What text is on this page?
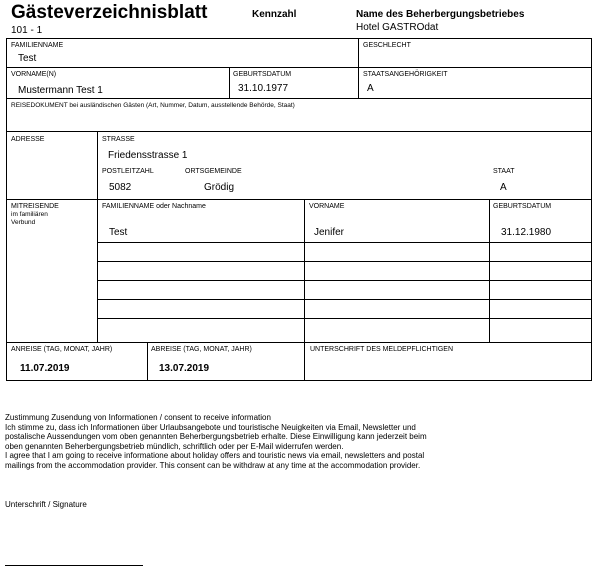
Gästeverzeichnisblatt
101 - 1
Kennzahl	Name des Beherbergungsbetriebes
Hotel GASTROdat
FAMILIENNAME
Test
GESCHLECHT
VORNAME(N)
Mustermann Test 1
GEBURTSDATUM
31.10.1977
STAATSANGEHÖRIGKEIT
A
REISEDOKUMENT bei ausländischen Gästen (Art, Nummer, Datum, ausstellende Behörde, Staat)
ADRESSE	STRASSE
Friedensstrasse 1
POSTLEITZAHL
5082
ORTSGEMEINDE
Grödig
STAAT
A
MITREISENDE
im familiären
Verbund
FAMILIENNAME oder Nachname	VORNAME	GEBURTSDATUM
Test	Jenifer	31.12.1980
ANREISE (TAG, MONAT, JAHR)
11.07.2019
ABREISE (TAG, MONAT, JAHR)
13.07.2019
UNTERSCHRIFT DES MELDEPFLICHTIGEN
Zustimmung Zusendung von Informationen / consent to receive information
Ich stimme zu, dass ich Informationen über Urlaubsangebote und touristische Neuigkeiten via Email, Newsletter und
postalische Aussendungen vom oben genannten Beherbergungsbetrieb erhalte. Diese Einwilligung kann jederzeit beim
oben genannten Beherbergungsbetrieb mündlich, schriftlich oder per E-Mail widerrufen werden.
I agree that I am going to receive informatione about holiday offers and touristic news via email, newsletters and postal
mailings from the accommodation provider. This consent can be withdraw at any time at the accommodation provider.
Unterschrift / Signature
